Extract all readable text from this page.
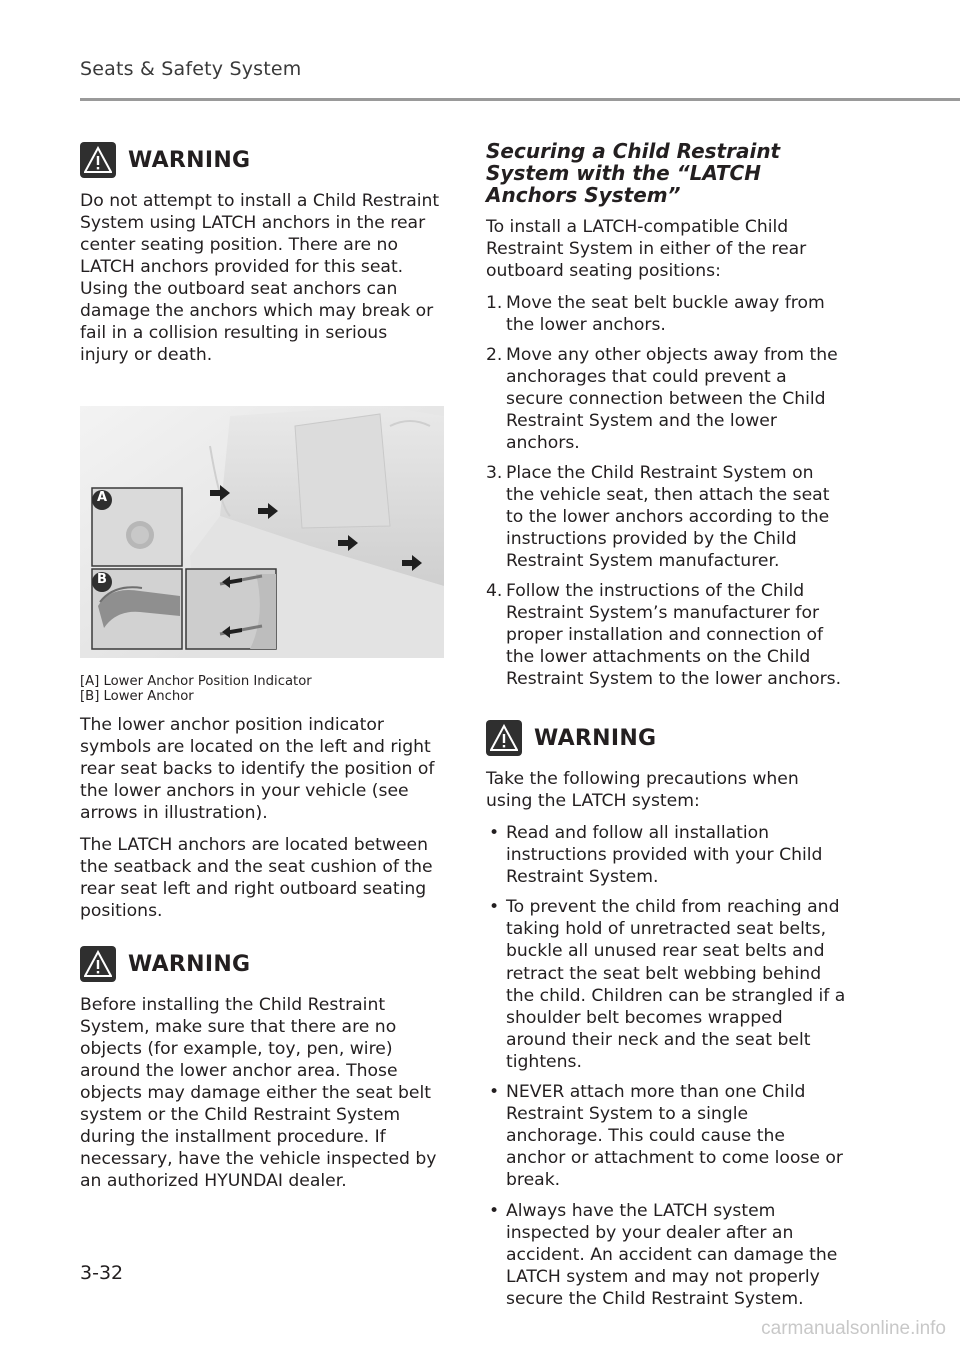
Seats & Safety System
WARNING

Do not attempt to install a Child Restraint System using LATCH anchors in the rear center seating position. There are no LATCH anchors provided for this seat. Using the outboard seat anchors can damage the anchors which may break or fail in a collision resulting in serious injury or death.

A
B
[A] Lower Anchor Position Indicator
[B] Lower Anchor

The lower anchor position indicator symbols are located on the left and right rear seat backs to identify the position of the lower anchors in your vehicle (see arrows in illustration).

The LATCH anchors are located between the seatback and the seat cushion of the rear seat left and right outboard seating positions.

WARNING

Before installing the Child Restraint System, make sure that there are no objects (for example, toy, pen, wire) around the lower anchor area. Those objects may damage either the seat belt system or the Child Restraint System during the installment procedure. If necessary, have the vehicle inspected by an authorized HYUNDAI dealer.

Securing a Child Restraint System with the “LATCH Anchors System”

To install a LATCH-compatible Child Restraint System in either of the rear outboard seating positions:

1. Move the seat belt buckle away from the lower anchors.
2. Move any other objects away from the anchorages that could prevent a secure connection between the Child Restraint System and the lower anchors.
3. Place the Child Restraint System on the vehicle seat, then attach the seat to the lower anchors according to the instructions provided by the Child Restraint System manufacturer.
4. Follow the instructions of the Child Restraint System’s manufacturer for proper installation and connection of the lower attachments on the Child Restraint System to the lower anchors.
WARNING

Take the following precautions when using the LATCH system:

• Read and follow all installation instructions provided with your Child Restraint System.
• To prevent the child from reaching and taking hold of unretracted seat belts, buckle all unused rear seat belts and retract the seat belt webbing behind the child. Children can be strangled if a shoulder belt becomes wrapped around their neck and the seat belt tightens.
• NEVER attach more than one Child Restraint System to a single anchorage. This could cause the anchor or attachment to come loose or break.
• Always have the LATCH system inspected by your dealer after an accident. An accident can damage the LATCH system and may not properly secure the Child Restraint System.
3-32
carmanualsonline.info
